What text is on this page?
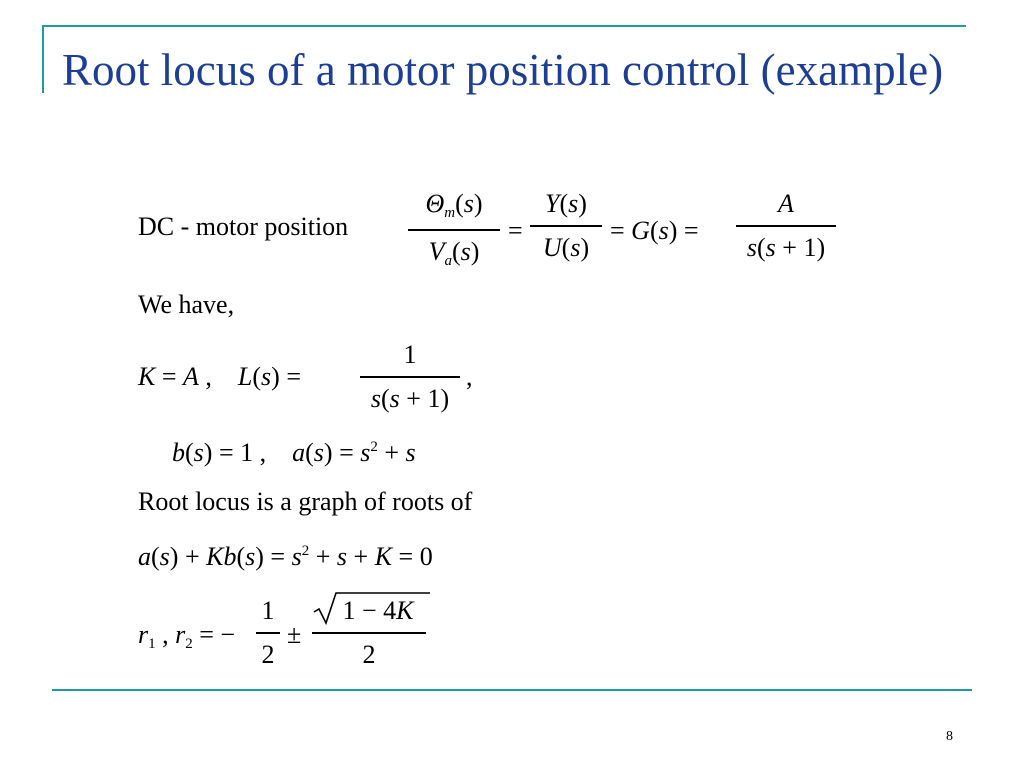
Root locus of a motor position control (example)
DC - motor position
$\Theta_m(s)$
$V_a(s)$
=
Y(s)
U(s)
= G(s) =
A
s(s + 1)
We have,
K = A ,    L(s) =
1
s(s + 1)
,
b(s) = 1 ,    $a(s) = s^2 + s$
Root locus is a graph of roots of
$a(s) + Kb(s) = s^2 + s + K = 0$
$r_1$ , $r_2$ = −
1
2
±
1 − 4K
2
8
